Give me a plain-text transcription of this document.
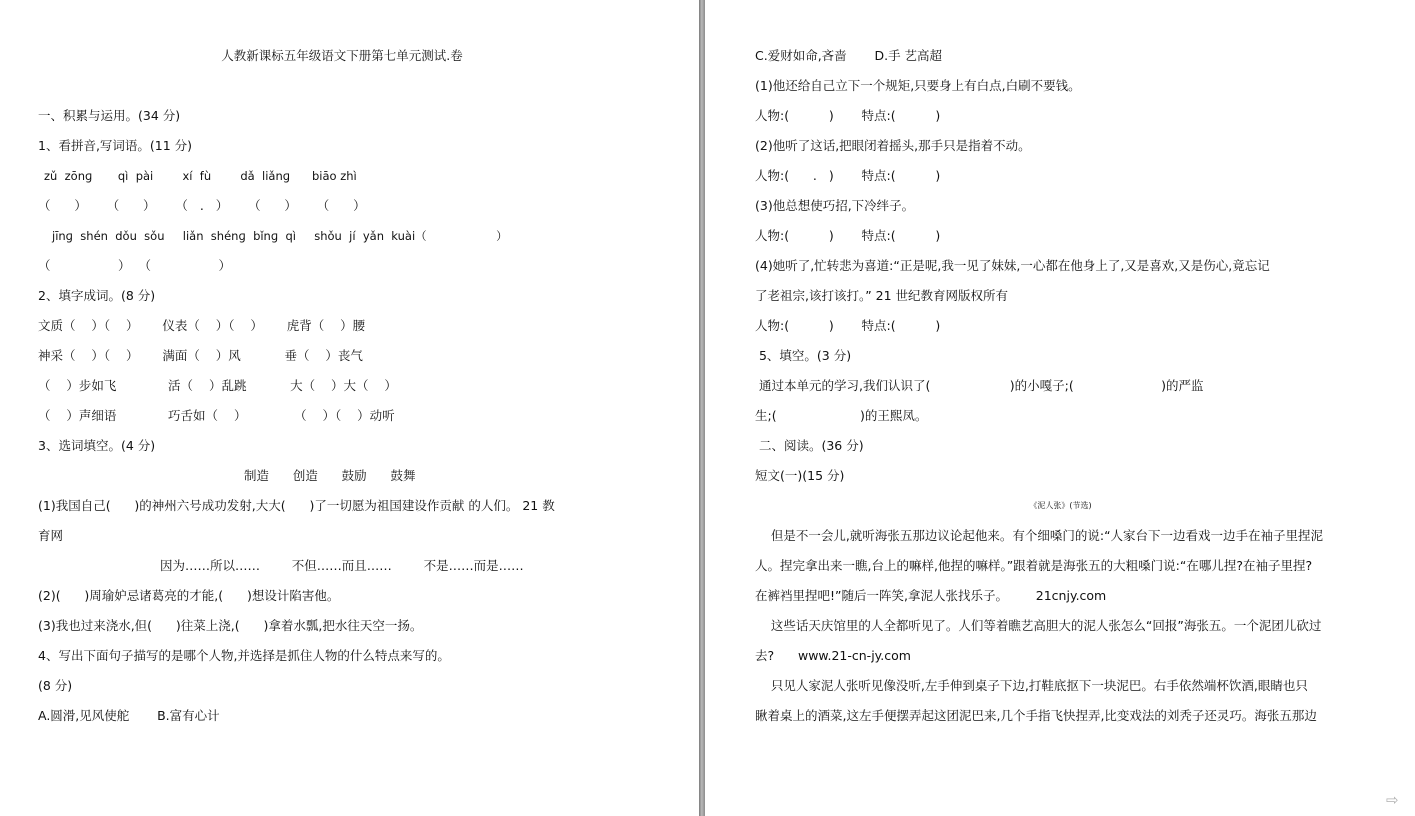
人教新课标五年级语文下册第七单元测试.卷
一、积累与运用。(34 分)
1、看拼音,写词语。(11 分)
zǔ  zōnɡ       qì  pài        xí  fù        dǎ  liǎnɡ      biāo zhì
（      ）     （      ）     （   .   ）     （      ）     （      ）
jīnɡ  shén  dǒu  sǒu     liǎn  shénɡ  bǐnɡ  qì     shǒu  jí  yǎn  kuài（                   ）
（                 ）  （                 ）
2、填字成词。(8 分)
文质（    ）（    ）      仪表（    ）（    ）      虎背（    ）腰
神采（    ）（    ）      满面（    ）风           垂（    ）丧气
（    ）步如飞             活（    ）乱跳           大（    ）大（    ）
（    ）声细语             巧舌如（    ）            （    ）（    ）动听
3、选词填空。(4 分)
制造      创造      鼓励      鼓舞
(1)我国自己(      )的神州六号成功发射,大大(      )了一切愿为祖国建设作贡献 的人们。 21 教
育网
因为……所以……        不但……而且……        不是……而是……
(2)(      )周瑜妒忌诸葛亮的才能,(      )想设计陷害他。
(3)我也过来浇水,但(      )往菜上浇,(      )拿着水瓢,把水往天空一扬。
4、写出下面句子描写的是哪个人物,并选择是抓住人物的什么特点来写的。
(8 分)
A.圆滑,见风使舵       B.富有心计
C.爱财如命,吝啬       D.手 艺高超
(1)他还给自己立下一个规矩,只要身上有白点,白刷不要钱。
人物:(          )       特点:(          )
(2)他听了这话,把眼闭着摇头,那手只是指着不动。
人物:(      .   )       特点:(          )
(3)他总想使巧招,下冷绊子。
人物:(          )       特点:(          )
(4)她听了,忙转悲为喜道:“正是呢,我一见了妹妹,一心都在他身上了,又是喜欢,又是伤心,竟忘记
了老祖宗,该打该打。” 21 世纪教育网版权所有
人物:(          )       特点:(          )
5、填空。(3 分)
通过本单元的学习,我们认识了(                    )的小嘎子;(                      )的严监
生;(                     )的王熙凤。
二、阅读。(36 分)
短文(一)(15 分)
《泥人张》(节选)
但是不一会儿,就听海张五那边议论起他来。有个细嗓门的说:“人家台下一边看戏一边手在袖子里捏泥
人。捏完拿出来一瞧,台上的嘛样,他捏的嘛样。”跟着就是海张五的大粗嗓门说:“在哪儿捏?在袖子里捏?
在裤裆里捏吧!”随后一阵笑,拿泥人张找乐子。       21cnjy.com
这些话天庆馆里的人全都听见了。人们等着瞧艺高胆大的泥人张怎么“回报”海张五。一个泥团儿砍过
去?      www.21-cn-jy.com
只见人家泥人张听见像没听,左手伸到桌子下边,打鞋底抠下一块泥巴。右手依然端杯饮酒,眼睛也只
瞅着桌上的酒菜,这左手便摆弄起这团泥巴来,几个手指飞快捏弄,比变戏法的刘秃子还灵巧。海张五那边
⇨
